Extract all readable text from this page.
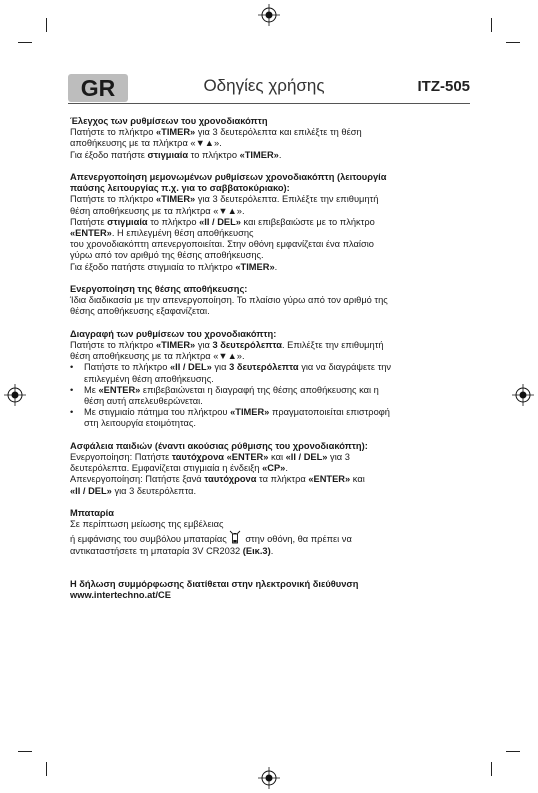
GR	Οδηγίες χρήσης	ITZ-505
Έλεγχος των ρυθμίσεων του χρονοδιακόπτη

Πατήστε το πλήκτρο «TIMER» για 3 δευτερόλεπτα και επιλέξτε τη θέση

αποθήκευσης με τα πλήκτρα «▼▲».

Για έξοδο πατήστε στιγμιαία το πλήκτρο «TIMER».

Απενεργοποίηση μεμονωμένων ρυθμίσεων χρονοδιακόπτη (λειτουργία
παύσης λειτουργίας π.χ. για το σαββατοκύριακο):

Πατήστε το πλήκτρο «TIMER» για 3 δευτερόλεπτα. Επιλέξτε την επιθυμητή

θέση αποθήκευσης με τα πλήκτρα «▼▲».

Πατήστε στιγμιαία το πλήκτρο «II / DEL» και επιβεβαιώστε με το πλήκτρο

«ENTER». Η επιλεγμένη θέση αποθήκευσης

του χρονοδιακόπτη απενεργοποιείται. Στην οθόνη εμφανίζεται ένα πλαίσιο

γύρω από τον αριθμό της θέσης αποθήκευσης.

Για έξοδο πατήστε στιγμιαία το πλήκτρο «TIMER».

Ενεργοποίηση της θέσης αποθήκευσης:

Ίδια διαδικασία με την απενεργοποίηση. Το πλαίσιο γύρω από τον αριθμό της

θέσης αποθήκευσης εξαφανίζεται.

Διαγραφή των ρυθμίσεων του χρονοδιακόπτη:

Πατήστε το πλήκτρο «TIMER» για 3 δευτερόλεπτα. Επιλέξτε την επιθυμητή

θέση αποθήκευσης με τα πλήκτρα «▼▲».

• Πατήστε το πλήκτρο «II / DEL» για 3 δευτερόλεπτα για να διαγράψετε την
επιλεγμένη θέση αποθήκευσης.
• Με «ENTER» επιβεβαιώνεται η διαγραφή της θέσης αποθήκευσης και η
θέση αυτή απελευθερώνεται.
• Με στιγμιαίο πάτημα του πλήκτρου «TIMER» πραγματοποιείται επιστροφή
στη λειτουργία ετοιμότητας.
Ασφάλεια παιδιών (έναντι ακούσιας ρύθμισης του χρονοδιακόπτη):

Ενεργοποίηση: Πατήστε ταυτόχρονα «ENTER» και «II / DEL» για 3

δευτερόλεπτα. Εμφανίζεται στιγμιαία η ένδειξη «CP».

Απενεργοποίηση: Πατήστε ξανά ταυτόχρονα τα πλήκτρα «ENTER» και

«II / DEL» για 3 δευτερόλεπτα.

Μπαταρία

Σε περίπτωση μείωσης της εμβέλειας

ή εμφάνισης του συμβόλου μπαταρίας στην οθόνη, θα πρέπει να

αντικαταστήσετε τη μπαταρία 3V CR2032 (Εικ.3).

Η δήλωση συμμόρφωσης διατίθεται στην ηλεκτρονική διεύθυνση
www.intertechno.at/CE
